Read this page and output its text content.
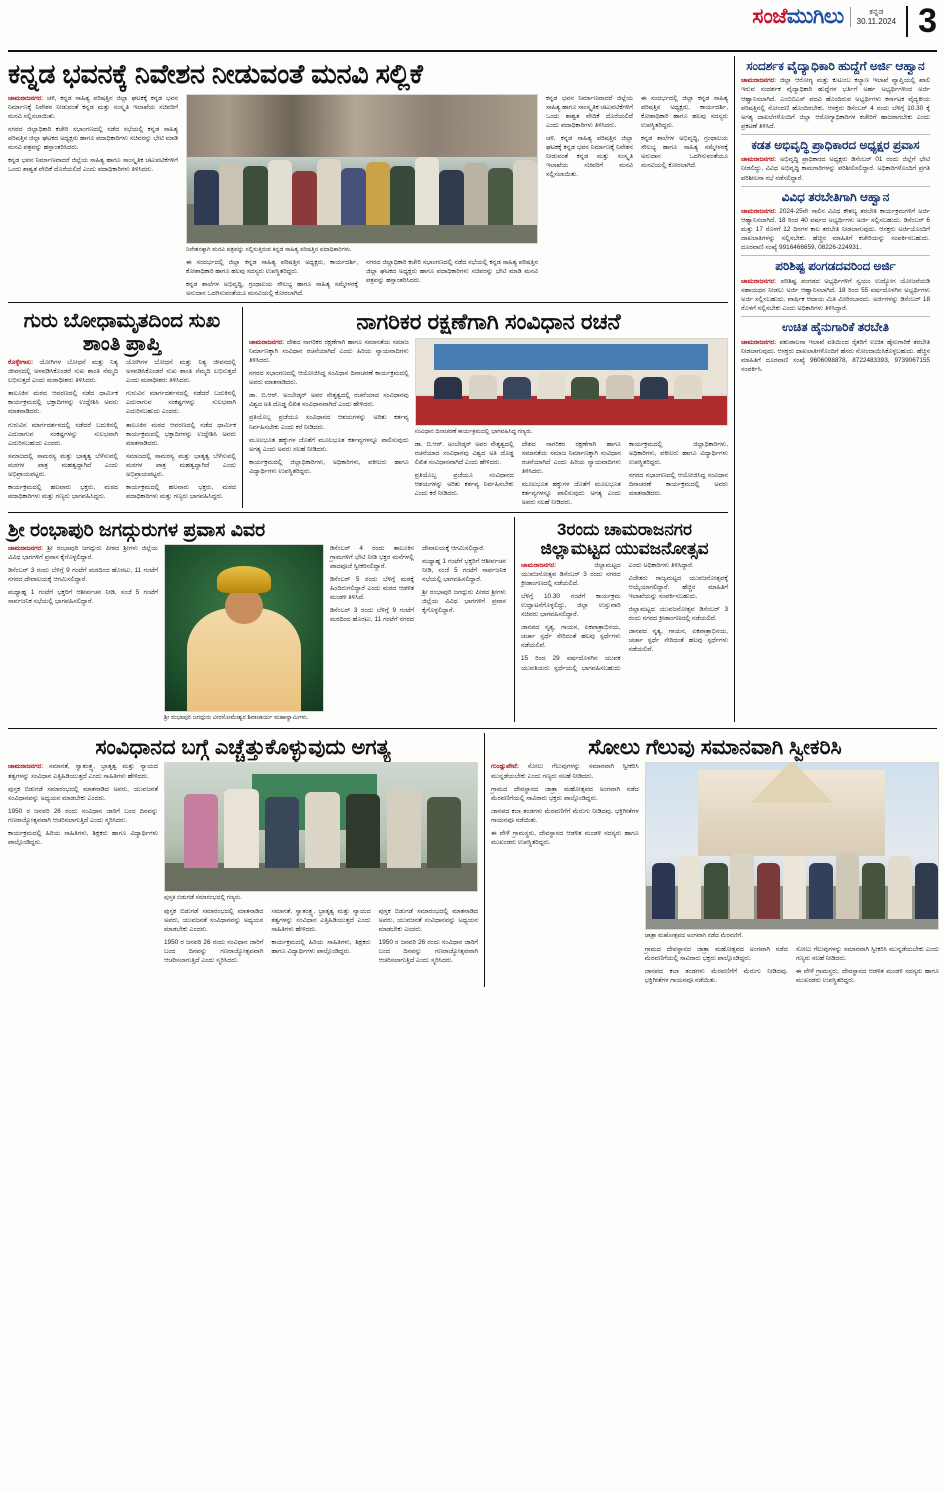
ಸಂಜೆಮುಗಿಲು	ಕನ್ನಡ
30.11.2024 3
ಕನ್ನಡ ಭವನಕ್ಕೆ ನಿವೇಶನ ನೀಡುವಂತೆ ಮನವಿ ಸಲ್ಲಿಕೆ
ಚಾಮರಾಜನಗರ: ಚಳಿ, ಕನ್ನಡ ಸಾಹಿತ್ಯ ಪರಿಷತ್ತಿನ ಜಿಲ್ಲಾ ಘಟಕಕ್ಕೆ ಕನ್ನಡ ಭವನ ನಿರ್ಮಾಣಕ್ಕೆ ನಿವೇಶನ ನೀಡುವಂತೆ ಕನ್ನಡ ಮತ್ತು ಸಂಸ್ಕೃತಿ ಇಲಾಖೆಯ ಸಚಿವರಿಗೆ ಮನವಿ ಸಲ್ಲಿಸಲಾಯಿತು.
ನಗರದ ಜಿಲ್ಲಾಧಿಕಾರಿ ಕಚೇರಿ ಸಭಾಂಗಣದಲ್ಲಿ ನಡೆದ ಸಭೆಯಲ್ಲಿ ಕನ್ನಡ ಸಾಹಿತ್ಯ ಪರಿಷತ್ತಿನ ಜಿಲ್ಲಾ ಘಟಕದ ಅಧ್ಯಕ್ಷರು ಹಾಗೂ ಪದಾಧಿಕಾರಿಗಳು ಸಚಿವರನ್ನು ಭೇಟಿ ಮಾಡಿ ಮನವಿ ಪತ್ರವನ್ನು ಹಸ್ತಾಂತರಿಸಿದರು.
ಕನ್ನಡ ಭವನ ನಿರ್ಮಾಣವಾದರೆ ಜಿಲ್ಲೆಯ ಸಾಹಿತ್ಯ ಹಾಗೂ ಸಾಂಸ್ಕೃತಿಕ ಚಟುವಟಿಕೆಗಳಿಗೆ ಒಂದು ಶಾಶ್ವತ ವೇದಿಕೆ ದೊರೆಯಲಿದೆ ಎಂದು ಪದಾಧಿಕಾರಿಗಳು ತಿಳಿಸಿದರು.
ನಿವೇಶನಕ್ಕಾಗಿ ಮನವಿ ಪತ್ರವನ್ನು ಸಲ್ಲಿಸುತ್ತಿರುವ ಕನ್ನಡ ಸಾಹಿತ್ಯ ಪರಿಷತ್ತಿನ ಪದಾಧಿಕಾರಿಗಳು.
ಈ ಸಂದರ್ಭದಲ್ಲಿ ಜಿಲ್ಲಾ ಕನ್ನಡ ಸಾಹಿತ್ಯ ಪರಿಷತ್ತಿನ ಅಧ್ಯಕ್ಷರು, ಕಾರ್ಯದರ್ಶಿ, ಕೋಶಾಧಿಕಾರಿ ಹಾಗೂ ಹಲವು ಸದಸ್ಯರು ಉಪಸ್ಥಿತರಿದ್ದರು.
ಕನ್ನಡ ಶಾಲೆಗಳ ಅಭಿವೃದ್ಧಿ, ಗ್ರಂಥಾಲಯ ಸೌಲಭ್ಯ ಹಾಗೂ ಸಾಹಿತ್ಯ ಸಮ್ಮೇಳನಕ್ಕೆ ಅನುದಾನ ಒದಗಿಸುವಂತೆಯೂ ಮನವಿಯಲ್ಲಿ ಕೋರಲಾಗಿದೆ.
ನಗರದ ಜಿಲ್ಲಾಧಿಕಾರಿ ಕಚೇರಿ ಸಭಾಂಗಣದಲ್ಲಿ ನಡೆದ ಸಭೆಯಲ್ಲಿ ಕನ್ನಡ ಸಾಹಿತ್ಯ ಪರಿಷತ್ತಿನ ಜಿಲ್ಲಾ ಘಟಕದ ಅಧ್ಯಕ್ಷರು ಹಾಗೂ ಪದಾಧಿಕಾರಿಗಳು ಸಚಿವರನ್ನು ಭೇಟಿ ಮಾಡಿ ಮನವಿ ಪತ್ರವನ್ನು ಹಸ್ತಾಂತರಿಸಿದರು.
ಕನ್ನಡ ಭವನ ನಿರ್ಮಾಣವಾದರೆ ಜಿಲ್ಲೆಯ ಸಾಹಿತ್ಯ ಹಾಗೂ ಸಾಂಸ್ಕೃತಿಕ ಚಟುವಟಿಕೆಗಳಿಗೆ ಒಂದು ಶಾಶ್ವತ ವೇದಿಕೆ ದೊರೆಯಲಿದೆ ಎಂದು ಪದಾಧಿಕಾರಿಗಳು ತಿಳಿಸಿದರು.
ಚಳಿ, ಕನ್ನಡ ಸಾಹಿತ್ಯ ಪರಿಷತ್ತಿನ ಜಿಲ್ಲಾ ಘಟಕಕ್ಕೆ ಕನ್ನಡ ಭವನ ನಿರ್ಮಾಣಕ್ಕೆ ನಿವೇಶನ ನೀಡುವಂತೆ ಕನ್ನಡ ಮತ್ತು ಸಂಸ್ಕೃತಿ ಇಲಾಖೆಯ ಸಚಿವರಿಗೆ ಮನವಿ ಸಲ್ಲಿಸಲಾಯಿತು.
ಈ ಸಂದರ್ಭದಲ್ಲಿ ಜಿಲ್ಲಾ ಕನ್ನಡ ಸಾಹಿತ್ಯ ಪರಿಷತ್ತಿನ ಅಧ್ಯಕ್ಷರು, ಕಾರ್ಯದರ್ಶಿ, ಕೋಶಾಧಿಕಾರಿ ಹಾಗೂ ಹಲವು ಸದಸ್ಯರು ಉಪಸ್ಥಿತರಿದ್ದರು.
ಕನ್ನಡ ಶಾಲೆಗಳ ಅಭಿವೃದ್ಧಿ, ಗ್ರಂಥಾಲಯ ಸೌಲಭ್ಯ ಹಾಗೂ ಸಾಹಿತ್ಯ ಸಮ್ಮೇಳನಕ್ಕೆ ಅನುದಾನ ಒದಗಿಸುವಂತೆಯೂ ಮನವಿಯಲ್ಲಿ ಕೋರಲಾಗಿದೆ.
ಗುರು ಬೋಧಾಮೃತದಿಂದ ಸುಖ ಶಾಂತಿ ಪ್ರಾಪ್ತಿ
ಕೊಳ್ಳೇಗಾಲ: ಯೋಗಿಗಳ ಬೋಧನೆ ಮತ್ತು ನಿತ್ಯ ಜೀವನದಲ್ಲಿ ಅಳವಡಿಸಿಕೊಂಡರೆ ಸುಖ ಶಾಂತಿ ನೆಮ್ಮದಿ ಲಭಿಸುತ್ತದೆ ಎಂದು ಮಠಾಧೀಶರು ತಿಳಿಸಿದರು.
ತಾಲೂಕಿನ ಮಠದ ಆವರಣದಲ್ಲಿ ನಡೆದ ಧಾರ್ಮಿಕ ಕಾರ್ಯಕ್ರಮದಲ್ಲಿ ಭಕ್ತಾದಿಗಳನ್ನು ಉದ್ದೇಶಿಸಿ ಅವರು ಮಾತನಾಡಿದರು.
ಗುರುವಿನ ಮಾರ್ಗದರ್ಶನದಲ್ಲಿ ನಡೆದರೆ ಬದುಕಿನಲ್ಲಿ ಎದುರಾಗುವ ಸಂಕಷ್ಟಗಳನ್ನು ಸುಲಭವಾಗಿ ಎದುರಿಸಬಹುದು ಎಂದರು.
ಸಮಾಜದಲ್ಲಿ ಸಾಮರಸ್ಯ ಮತ್ತು ಭಾತೃತ್ವ ಬೆಳೆಸುವಲ್ಲಿ ಮಠಗಳ ಪಾತ್ರ ಮಹತ್ವದ್ದಾಗಿದೆ ಎಂದು ಅಭಿಪ್ರಾಯಪಟ್ಟರು.
ಕಾರ್ಯಕ್ರಮದಲ್ಲಿ ಹಲವಾರು ಭಕ್ತರು, ಮಠದ ಪದಾಧಿಕಾರಿಗಳು ಮತ್ತು ಗಣ್ಯರು ಭಾಗವಹಿಸಿದ್ದರು.
ಯೋಗಿಗಳ ಬೋಧನೆ ಮತ್ತು ನಿತ್ಯ ಜೀವನದಲ್ಲಿ ಅಳವಡಿಸಿಕೊಂಡರೆ ಸುಖ ಶಾಂತಿ ನೆಮ್ಮದಿ ಲಭಿಸುತ್ತದೆ ಎಂದು ಮಠಾಧೀಶರು ತಿಳಿಸಿದರು.
ಗುರುವಿನ ಮಾರ್ಗದರ್ಶನದಲ್ಲಿ ನಡೆದರೆ ಬದುಕಿನಲ್ಲಿ ಎದುರಾಗುವ ಸಂಕಷ್ಟಗಳನ್ನು ಸುಲಭವಾಗಿ ಎದುರಿಸಬಹುದು ಎಂದರು.
ತಾಲೂಕಿನ ಮಠದ ಆವರಣದಲ್ಲಿ ನಡೆದ ಧಾರ್ಮಿಕ ಕಾರ್ಯಕ್ರಮದಲ್ಲಿ ಭಕ್ತಾದಿಗಳನ್ನು ಉದ್ದೇಶಿಸಿ ಅವರು ಮಾತನಾಡಿದರು.
ಸಮಾಜದಲ್ಲಿ ಸಾಮರಸ್ಯ ಮತ್ತು ಭಾತೃತ್ವ ಬೆಳೆಸುವಲ್ಲಿ ಮಠಗಳ ಪಾತ್ರ ಮಹತ್ವದ್ದಾಗಿದೆ ಎಂದು ಅಭಿಪ್ರಾಯಪಟ್ಟರು.
ಕಾರ್ಯಕ್ರಮದಲ್ಲಿ ಹಲವಾರು ಭಕ್ತರು, ಮಠದ ಪದಾಧಿಕಾರಿಗಳು ಮತ್ತು ಗಣ್ಯರು ಭಾಗವಹಿಸಿದ್ದರು.
ನಾಗರಿಕರ ರಕ್ಷಣೆಗಾಗಿ ಸಂವಿಧಾನ ರಚನೆ
ಚಾಮರಾಜನಗರ: ದೇಶದ ನಾಗರಿಕರ ರಕ್ಷಣೆಗಾಗಿ ಹಾಗೂ ಸಮಾನತೆಯ ಸಮಾಜ ನಿರ್ಮಾಣಕ್ಕಾಗಿ ಸಂವಿಧಾನ ರಚನೆಯಾಗಿದೆ ಎಂದು ಹಿರಿಯ ನ್ಯಾಯವಾದಿಗಳು ತಿಳಿಸಿದರು.
ನಗರದ ಸಭಾಂಗಣದಲ್ಲಿ ಆಯೋಜಿಸಿದ್ದ ಸಂವಿಧಾನ ದಿನಾಚರಣೆ ಕಾರ್ಯಕ್ರಮದಲ್ಲಿ ಅವರು ಮಾತನಾಡಿದರು.
ಡಾ. ಬಿ.ಆರ್. ಅಂಬೇಡ್ಕರ್ ಅವರ ನೇತೃತ್ವದಲ್ಲಿ ರಚನೆಯಾದ ಸಂವಿಧಾನವು ವಿಶ್ವದ ಅತಿ ದೊಡ್ಡ ಲಿಖಿತ ಸಂವಿಧಾನವಾಗಿದೆ ಎಂದು ಹೇಳಿದರು.
ಪ್ರತಿಯೊಬ್ಬ ಪ್ರಜೆಯೂ ಸಂವಿಧಾನದ ಆಶಯಗಳನ್ನು ಅರಿತು ಕರ್ತವ್ಯ ನಿರ್ವಹಿಸಬೇಕು ಎಂದು ಕರೆ ನೀಡಿದರು.
ಮೂಲಭೂತ ಹಕ್ಕುಗಳ ಜೊತೆಗೆ ಮೂಲಭೂತ ಕರ್ತವ್ಯಗಳನ್ನೂ ಪಾಲಿಸುವುದು ಅಗತ್ಯ ಎಂದು ಅವರು ಸಲಹೆ ನೀಡಿದರು.
ಕಾರ್ಯಕ್ರಮದಲ್ಲಿ ಜಿಲ್ಲಾಧಿಕಾರಿಗಳು, ಅಧಿಕಾರಿಗಳು, ವಕೀಲರು ಹಾಗೂ ವಿದ್ಯಾರ್ಥಿಗಳು ಉಪಸ್ಥಿತರಿದ್ದರು.
ಸಂವಿಧಾನ ದಿನಾಚರಣೆ ಕಾರ್ಯಕ್ರಮದಲ್ಲಿ ಭಾಗವಹಿಸಿದ್ದ ಗಣ್ಯರು.
ಡಾ. ಬಿ.ಆರ್. ಅಂಬೇಡ್ಕರ್ ಅವರ ನೇತೃತ್ವದಲ್ಲಿ ರಚನೆಯಾದ ಸಂವಿಧಾನವು ವಿಶ್ವದ ಅತಿ ದೊಡ್ಡ ಲಿಖಿತ ಸಂವಿಧಾನವಾಗಿದೆ ಎಂದು ಹೇಳಿದರು.
ಪ್ರತಿಯೊಬ್ಬ ಪ್ರಜೆಯೂ ಸಂವಿಧಾನದ ಆಶಯಗಳನ್ನು ಅರಿತು ಕರ್ತವ್ಯ ನಿರ್ವಹಿಸಬೇಕು ಎಂದು ಕರೆ ನೀಡಿದರು.
ದೇಶದ ನಾಗರಿಕರ ರಕ್ಷಣೆಗಾಗಿ ಹಾಗೂ ಸಮಾನತೆಯ ಸಮಾಜ ನಿರ್ಮಾಣಕ್ಕಾಗಿ ಸಂವಿಧಾನ ರಚನೆಯಾಗಿದೆ ಎಂದು ಹಿರಿಯ ನ್ಯಾಯವಾದಿಗಳು ತಿಳಿಸಿದರು.
ಮೂಲಭೂತ ಹಕ್ಕುಗಳ ಜೊತೆಗೆ ಮೂಲಭೂತ ಕರ್ತವ್ಯಗಳನ್ನೂ ಪಾಲಿಸುವುದು ಅಗತ್ಯ ಎಂದು ಅವರು ಸಲಹೆ ನೀಡಿದರು.
ಕಾರ್ಯಕ್ರಮದಲ್ಲಿ ಜಿಲ್ಲಾಧಿಕಾರಿಗಳು, ಅಧಿಕಾರಿಗಳು, ವಕೀಲರು ಹಾಗೂ ವಿದ್ಯಾರ್ಥಿಗಳು ಉಪಸ್ಥಿತರಿದ್ದರು.
ನಗರದ ಸಭಾಂಗಣದಲ್ಲಿ ಆಯೋಜಿಸಿದ್ದ ಸಂವಿಧಾನ ದಿನಾಚರಣೆ ಕಾರ್ಯಕ್ರಮದಲ್ಲಿ ಅವರು ಮಾತನಾಡಿದರು.
ಶ್ರೀ ರಂಭಾಪುರಿ ಜಗದ್ಗುರುಗಳ ಪ್ರವಾಸ ವಿವರ
ಚಾಮರಾಜನಗರ: ಶ್ರೀ ರಂಭಾಪುರಿ ಜಗದ್ಗುರು ಪೀಠದ ಶ್ರೀಗಳು ಜಿಲ್ಲೆಯ ವಿವಿಧ ಭಾಗಗಳಿಗೆ ಪ್ರವಾಸ ಕೈಗೊಳ್ಳಲಿದ್ದಾರೆ.
ಡಿಸೆಂಬರ್ 3 ರಂದು ಬೆಳಿಗ್ಗೆ 9 ಗಂಟೆಗೆ ಮಠದಿಂದ ಹೊರಟು, 11 ಗಂಟೆಗೆ ನಗರದ ದೇವಾಲಯಕ್ಕೆ ಆಗಮಿಸಲಿದ್ದಾರೆ.
ಮಧ್ಯಾಹ್ನ 1 ಗಂಟೆಗೆ ಭಕ್ತರಿಗೆ ಆಶೀರ್ವಚನ ನೀಡಿ, ಸಂಜೆ 5 ಗಂಟೆಗೆ ಸಾರ್ವಜನಿಕ ಸಭೆಯಲ್ಲಿ ಭಾಗವಹಿಸಲಿದ್ದಾರೆ.
ಶ್ರೀ ರಂಭಾಪುರಿ ಜಗದ್ಗುರು ವೀರಸೋಮೇಶ್ವರ ಶಿವಾಚಾರ್ಯ ಮಹಾಸ್ವಾಮಿಗಳು.
ಡಿಸೆಂಬರ್ 4 ರಂದು ತಾಲೂಕಿನ ಗ್ರಾಮಗಳಿಗೆ ಭೇಟಿ ನೀಡಿ ಭಕ್ತರ ಮನೆಗಳಲ್ಲಿ ಪಾದಪೂಜೆ ಸ್ವೀಕರಿಸಲಿದ್ದಾರೆ.
ಡಿಸೆಂಬರ್ 5 ರಂದು ಬೆಳಿಗ್ಗೆ ಮಠಕ್ಕೆ ಹಿಂದಿರುಗಲಿದ್ದಾರೆ ಎಂದು ಮಠದ ಆಡಳಿತ ಮಂಡಳಿ ತಿಳಿಸಿದೆ.
ಡಿಸೆಂಬರ್ 3 ರಂದು ಬೆಳಿಗ್ಗೆ 9 ಗಂಟೆಗೆ ಮಠದಿಂದ ಹೊರಟು, 11 ಗಂಟೆಗೆ ನಗರದ ದೇವಾಲಯಕ್ಕೆ ಆಗಮಿಸಲಿದ್ದಾರೆ.
ಮಧ್ಯಾಹ್ನ 1 ಗಂಟೆಗೆ ಭಕ್ತರಿಗೆ ಆಶೀರ್ವಚನ ನೀಡಿ, ಸಂಜೆ 5 ಗಂಟೆಗೆ ಸಾರ್ವಜನಿಕ ಸಭೆಯಲ್ಲಿ ಭಾಗವಹಿಸಲಿದ್ದಾರೆ.
ಶ್ರೀ ರಂಭಾಪುರಿ ಜಗದ್ಗುರು ಪೀಠದ ಶ್ರೀಗಳು ಜಿಲ್ಲೆಯ ವಿವಿಧ ಭಾಗಗಳಿಗೆ ಪ್ರವಾಸ ಕೈಗೊಳ್ಳಲಿದ್ದಾರೆ.
3ರಂದು ಚಾಮರಾಜನಗರ ಜಿಲ್ಲಾಮಟ್ಟದ ಯುವಜನೋತ್ಸವ
ಚಾಮರಾಜನಗರ:	ಜಿಲ್ಲಾಮಟ್ಟದ ಯುವಜನೋತ್ಸವ ಡಿಸೆಂಬರ್ 3 ರಂದು ನಗರದ ಕ್ರೀಡಾಂಗಣದಲ್ಲಿ ನಡೆಯಲಿದೆ.
ಬೆಳಿಗ್ಗೆ 10.30 ಗಂಟೆಗೆ ಕಾರ್ಯಕ್ರಮ ಉದ್ಘಾಟನೆಗೊಳ್ಳಲಿದ್ದು, ಜಿಲ್ಲಾ ಉಸ್ತುವಾರಿ ಸಚಿವರು ಭಾಗವಹಿಸಲಿದ್ದಾರೆ.
ಜಾನಪದ ನೃತ್ಯ, ಗಾಯನ, ಏಕಪಾತ್ರಾಭಿನಯ, ಚರ್ಚಾ ಸ್ಪರ್ಧೆ ಸೇರಿದಂತೆ ಹಲವು ಸ್ಪರ್ಧೆಗಳು ನಡೆಯಲಿವೆ.
15 ರಿಂದ 29 ವರ್ಷದೊಳಗಿನ ಯುವಕ ಯುವತಿಯರು ಸ್ಪರ್ಧೆಯಲ್ಲಿ ಭಾಗವಹಿಸಬಹುದು ಎಂದು ಅಧಿಕಾರಿಗಳು ತಿಳಿಸಿದ್ದಾರೆ.
ವಿಜೇತರು ರಾಜ್ಯಮಟ್ಟದ ಯುವಜನೋತ್ಸವಕ್ಕೆ ಆಯ್ಕೆಯಾಗಲಿದ್ದಾರೆ. ಹೆಚ್ಚಿನ ಮಾಹಿತಿಗೆ ಇಲಾಖೆಯನ್ನು ಸಂಪರ್ಕಿಸಬಹುದು.
ಜಿಲ್ಲಾಮಟ್ಟದ ಯುವಜನೋತ್ಸವ ಡಿಸೆಂಬರ್ 3 ರಂದು ನಗರದ ಕ್ರೀಡಾಂಗಣದಲ್ಲಿ ನಡೆಯಲಿದೆ.
ಜಾನಪದ ನೃತ್ಯ, ಗಾಯನ, ಏಕಪಾತ್ರಾಭಿನಯ, ಚರ್ಚಾ ಸ್ಪರ್ಧೆ ಸೇರಿದಂತೆ ಹಲವು ಸ್ಪರ್ಧೆಗಳು ನಡೆಯಲಿವೆ.
ಸಂದರ್ಶಕ ವೈದ್ಯಾಧಿಕಾರಿ ಹುದ್ದೆಗೆ ಅರ್ಜಿ ಆಹ್ವಾನ
ಚಾಮರಾಜನಗರ: ಜಿಲ್ಲಾ ಆರೋಗ್ಯ ಮತ್ತು ಕುಟುಂಬ ಕಲ್ಯಾಣ ಇಲಾಖೆ ವ್ಯಾಪ್ತಿಯಲ್ಲಿ ಖಾಲಿ ಇರುವ ಸಂದರ್ಶಕ ವೈದ್ಯಾಧಿಕಾರಿ ಹುದ್ದೆಗಳ ಭರ್ತಿಗೆ ಅರ್ಹ ಅಭ್ಯರ್ಥಿಗಳಿಂದ ಅರ್ಜಿ ಆಹ್ವಾನಿಸಲಾಗಿದೆ. ಎಂಬಿಬಿಎಸ್ ಪದವಿ ಹೊಂದಿರುವ ಅಭ್ಯರ್ಥಿಗಳು ಕರ್ನಾಟಕ ವೈದ್ಯಕೀಯ ಪರಿಷತ್ತಿನಲ್ಲಿ ನೋಂದಣಿ ಹೊಂದಿರಬೇಕು. ಆಸಕ್ತರು ಡಿಸೆಂಬರ್ 4 ರಂದು ಬೆಳಿಗ್ಗೆ 10.30 ಕ್ಕೆ ಅಗತ್ಯ ದಾಖಲೆಗಳೊಂದಿಗೆ ಜಿಲ್ಲಾ ಆರೋಗ್ಯಾಧಿಕಾರಿಗಳ ಕಚೇರಿಗೆ ಹಾಜರಾಗಬೇಕು ಎಂದು ಪ್ರಕಟಣೆ ತಿಳಿಸಿದೆ.
ಕಡತ ಅಭಿವೃದ್ಧಿ ಪ್ರಾಧಿಕಾರದ ಅಧ್ಯಕ್ಷರ ಪ್ರವಾಸ
ಚಾಮರಾಜನಗರ: ಅಭಿವೃದ್ಧಿ ಪ್ರಾಧಿಕಾರದ ಅಧ್ಯಕ್ಷರು ಡಿಸೆಂಬರ್ 01 ರಂದು ಜಿಲ್ಲೆಗೆ ಭೇಟಿ ನೀಡಲಿದ್ದು, ವಿವಿಧ ಅಭಿವೃದ್ಧಿ ಕಾಮಗಾರಿಗಳನ್ನು ಪರಿಶೀಲಿಸಲಿದ್ದಾರೆ. ಅಧಿಕಾರಿಗಳೊಂದಿಗೆ ಪ್ರಗತಿ ಪರಿಶೀಲನಾ ಸಭೆ ನಡೆಸಲಿದ್ದಾರೆ.
ವಿವಿಧ ತರಬೇತಿಗಾಗಿ ಆಹ್ವಾನ
ಚಾಮರಾಜನಗರ: 2024-25ನೇ ಸಾಲಿನ ವಿವಿಧ ಕೌಶಲ್ಯ ತರಬೇತಿ ಕಾರ್ಯಕ್ರಮಗಳಿಗೆ ಅರ್ಜಿ ಆಹ್ವಾನಿಸಲಾಗಿದೆ. 18 ರಿಂದ 40 ವರ್ಷದ ಅಭ್ಯರ್ಥಿಗಳು ಅರ್ಜಿ ಸಲ್ಲಿಸಬಹುದು. ಡಿಸೆಂಬರ್ 6 ಮತ್ತು 17 ರೊಳಗೆ 12 ದಿನಗಳ ಕಾಲ ತರಬೇತಿ ನೀಡಲಾಗುವುದು. ಆಸಕ್ತರು ಅರ್ಜಿಯೊಂದಿಗೆ ದಾಖಲಾತಿಗಳನ್ನು ಸಲ್ಲಿಸಬೇಕು. ಹೆಚ್ಚಿನ ಮಾಹಿತಿಗೆ ಕಚೇರಿಯನ್ನು ಸಂಪರ್ಕಿಸಬಹುದು. ದೂರವಾಣಿ ಸಂಖ್ಯೆ 9916466659, 08226-224931.
ಪರಿಶಿಷ್ಟ ಪಂಗಡದವರಿಂದ ಅರ್ಜಿ
ಚಾಮರಾಜನಗರ: ಪರಿಶಿಷ್ಟ ಪಂಗಡದ ಅಭ್ಯರ್ಥಿಗಳಿಗೆ ಸ್ವಯಂ ಉದ್ಯೋಗ ಯೋಜನೆಯಡಿ ಸಹಾಯಧನ ನೀಡಲು ಅರ್ಜಿ ಆಹ್ವಾನಿಸಲಾಗಿದೆ. 18 ರಿಂದ 55 ವರ್ಷದೊಳಗಿನ ಅಭ್ಯರ್ಥಿಗಳು ಅರ್ಜಿ ಸಲ್ಲಿಸಬಹುದು. ವಾರ್ಷಿಕ ಆದಾಯ ಮಿತಿ ಮೀರಿರಬಾರದು. ಅರ್ಜಿಗಳನ್ನು ಡಿಸೆಂಬರ್ 18 ರೊಳಗೆ ಸಲ್ಲಿಸಬೇಕು ಎಂದು ಅಧಿಕಾರಿಗಳು ತಿಳಿಸಿದ್ದಾರೆ.
ಉಚಿತ ಹೈನುಗಾರಿಕೆ ತರಬೇತಿ
ಚಾಮರಾಜನಗರ: ಪಶುಪಾಲನಾ ಇಲಾಖೆ ವತಿಯಿಂದ ರೈತರಿಗೆ ಉಚಿತ ಹೈನುಗಾರಿಕೆ ತರಬೇತಿ ನೀಡಲಾಗುವುದು. ಆಸಕ್ತರು ದಾಖಲಾತಿಗಳೊಂದಿಗೆ ಹೆಸರು ನೋಂದಾಯಿಸಿಕೊಳ್ಳಬಹುದು. ಹೆಚ್ಚಿನ ಮಾಹಿತಿಗೆ ದೂರವಾಣಿ ಸಂಖ್ಯೆ 9606098878, 8722483393, 9739067155 ಸಂಪರ್ಕಿಸಿ.
ಸಂವಿಧಾನದ ಬಗ್ಗೆ ಎಚ್ಚೆತ್ತುಕೊಳ್ಳುವುದು ಅಗತ್ಯ
ಚಾಮರಾಜನಗರ: ಸಮಾನತೆ, ಸ್ವಾತಂತ್ರ್ಯ, ಭ್ರಾತೃತ್ವ ಮತ್ತು ನ್ಯಾಯದ ತತ್ವಗಳನ್ನು ಸಂವಿಧಾನ ಎತ್ತಿಹಿಡಿಯುತ್ತದೆ ಎಂದು ಸಾಹಿತಿಗಳು ಹೇಳಿದರು.
ಪುಸ್ತಕ ಬಿಡುಗಡೆ ಸಮಾರಂಭದಲ್ಲಿ ಮಾತನಾಡಿದ ಅವರು, ಯುವಜನತೆ ಸಂವಿಧಾನವನ್ನು ಅಧ್ಯಯನ ಮಾಡಬೇಕು ಎಂದರು.
1950 ರ ಜನವರಿ 26 ರಂದು ಸಂವಿಧಾನ ಜಾರಿಗೆ ಬಂದ ದಿನವನ್ನು ಗಣರಾಜ್ಯೋತ್ಸವವಾಗಿ ಆಚರಿಸಲಾಗುತ್ತಿದೆ ಎಂದು ಸ್ಮರಿಸಿದರು.
ಕಾರ್ಯಕ್ರಮದಲ್ಲಿ ಹಿರಿಯ ಸಾಹಿತಿಗಳು, ಶಿಕ್ಷಕರು ಹಾಗೂ ವಿದ್ಯಾರ್ಥಿಗಳು ಪಾಲ್ಗೊಂಡಿದ್ದರು.
ಪುಸ್ತಕ ಬಿಡುಗಡೆ ಸಮಾರಂಭದಲ್ಲಿ ಗಣ್ಯರು.
ಪುಸ್ತಕ ಬಿಡುಗಡೆ ಸಮಾರಂಭದಲ್ಲಿ ಮಾತನಾಡಿದ ಅವರು, ಯುವಜನತೆ ಸಂವಿಧಾನವನ್ನು ಅಧ್ಯಯನ ಮಾಡಬೇಕು ಎಂದರು.
1950 ರ ಜನವರಿ 26 ರಂದು ಸಂವಿಧಾನ ಜಾರಿಗೆ ಬಂದ ದಿನವನ್ನು ಗಣರಾಜ್ಯೋತ್ಸವವಾಗಿ ಆಚರಿಸಲಾಗುತ್ತಿದೆ ಎಂದು ಸ್ಮರಿಸಿದರು.
ಸಮಾನತೆ, ಸ್ವಾತಂತ್ರ್ಯ, ಭ್ರಾತೃತ್ವ ಮತ್ತು ನ್ಯಾಯದ ತತ್ವಗಳನ್ನು ಸಂವಿಧಾನ ಎತ್ತಿಹಿಡಿಯುತ್ತದೆ ಎಂದು ಸಾಹಿತಿಗಳು ಹೇಳಿದರು.
ಕಾರ್ಯಕ್ರಮದಲ್ಲಿ ಹಿರಿಯ ಸಾಹಿತಿಗಳು, ಶಿಕ್ಷಕರು ಹಾಗೂ ವಿದ್ಯಾರ್ಥಿಗಳು ಪಾಲ್ಗೊಂಡಿದ್ದರು.
ಪುಸ್ತಕ ಬಿಡುಗಡೆ ಸಮಾರಂಭದಲ್ಲಿ ಮಾತನಾಡಿದ ಅವರು, ಯುವಜನತೆ ಸಂವಿಧಾನವನ್ನು ಅಧ್ಯಯನ ಮಾಡಬೇಕು ಎಂದರು.
1950 ರ ಜನವರಿ 26 ರಂದು ಸಂವಿಧಾನ ಜಾರಿಗೆ ಬಂದ ದಿನವನ್ನು ಗಣರಾಜ್ಯೋತ್ಸವವಾಗಿ ಆಚರಿಸಲಾಗುತ್ತಿದೆ ಎಂದು ಸ್ಮರಿಸಿದರು.
ಸೋಲು ಗೆಲುವು ಸಮಾನವಾಗಿ ಸ್ವೀಕರಿಸಿ
ಗುಂಡ್ಲುಪೇಟೆ: ಸೋಲು ಗೆಲುವುಗಳನ್ನು ಸಮಾನವಾಗಿ ಸ್ವೀಕರಿಸಿ ಮುನ್ನಡೆಯಬೇಕು ಎಂದು ಗಣ್ಯರು ಸಲಹೆ ನೀಡಿದರು.
ಗ್ರಾಮದ ದೇವಸ್ಥಾನದ ಜಾತ್ರಾ ಮಹೋತ್ಸವದ ಅಂಗವಾಗಿ ನಡೆದ ಮೆರವಣಿಗೆಯಲ್ಲಿ ಸಾವಿರಾರು ಭಕ್ತರು ಪಾಲ್ಗೊಂಡಿದ್ದರು.
ಜಾನಪದ ಕಲಾ ತಂಡಗಳು ಮೆರವಣಿಗೆಗೆ ಮೆರುಗು ನೀಡಿದವು. ಭಕ್ತಿಗೀತೆಗಳ ಗಾಯನವೂ ನಡೆಯಿತು.
ಈ ವೇಳೆ ಗ್ರಾಮಸ್ಥರು, ದೇವಸ್ಥಾನದ ಆಡಳಿತ ಮಂಡಳಿ ಸದಸ್ಯರು ಹಾಗೂ ಮುಖಂಡರು ಉಪಸ್ಥಿತರಿದ್ದರು.
ಜಾತ್ರಾ ಮಹೋತ್ಸವದ ಅಂಗವಾಗಿ ನಡೆದ ಮೆರವಣಿಗೆ.
ಗ್ರಾಮದ ದೇವಸ್ಥಾನದ ಜಾತ್ರಾ ಮಹೋತ್ಸವದ ಅಂಗವಾಗಿ ನಡೆದ ಮೆರವಣಿಗೆಯಲ್ಲಿ ಸಾವಿರಾರು ಭಕ್ತರು ಪಾಲ್ಗೊಂಡಿದ್ದರು.
ಜಾನಪದ ಕಲಾ ತಂಡಗಳು ಮೆರವಣಿಗೆಗೆ ಮೆರುಗು ನೀಡಿದವು. ಭಕ್ತಿಗೀತೆಗಳ ಗಾಯನವೂ ನಡೆಯಿತು.
ಸೋಲು ಗೆಲುವುಗಳನ್ನು ಸಮಾನವಾಗಿ ಸ್ವೀಕರಿಸಿ ಮುನ್ನಡೆಯಬೇಕು ಎಂದು ಗಣ್ಯರು ಸಲಹೆ ನೀಡಿದರು.
ಈ ವೇಳೆ ಗ್ರಾಮಸ್ಥರು, ದೇವಸ್ಥಾನದ ಆಡಳಿತ ಮಂಡಳಿ ಸದಸ್ಯರು ಹಾಗೂ ಮುಖಂಡರು ಉಪಸ್ಥಿತರಿದ್ದರು.
